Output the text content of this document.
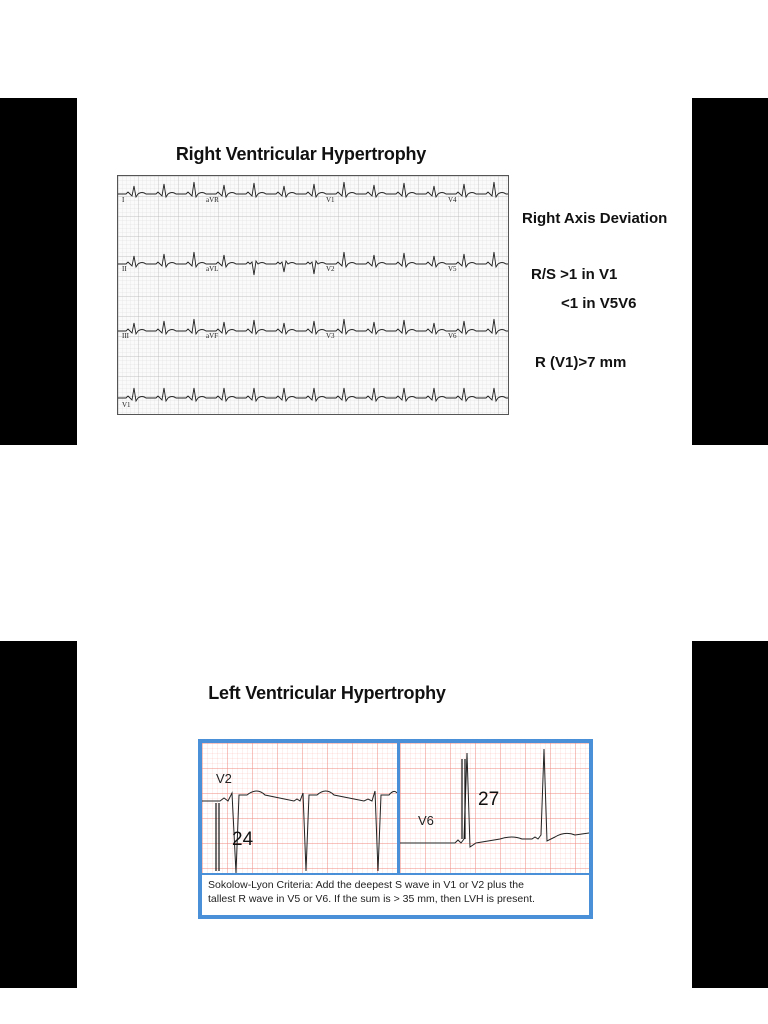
Right Ventricular Hypertrophy
I	aVR	V1	V4
II	aVL	V2	V5
III	aVF	V3	V6
V1
Right Axis Deviation
R/S >1 in V1
<1 in V5V6
R (V1)>7 mm
Left Ventricular Hypertrophy
V2
24
V6
27
Sokolow-Lyon Criteria: Add the deepest S wave in V1 or V2 plus the
tallest R wave in V5 or V6. If the sum is > 35 mm, then LVH is present.
